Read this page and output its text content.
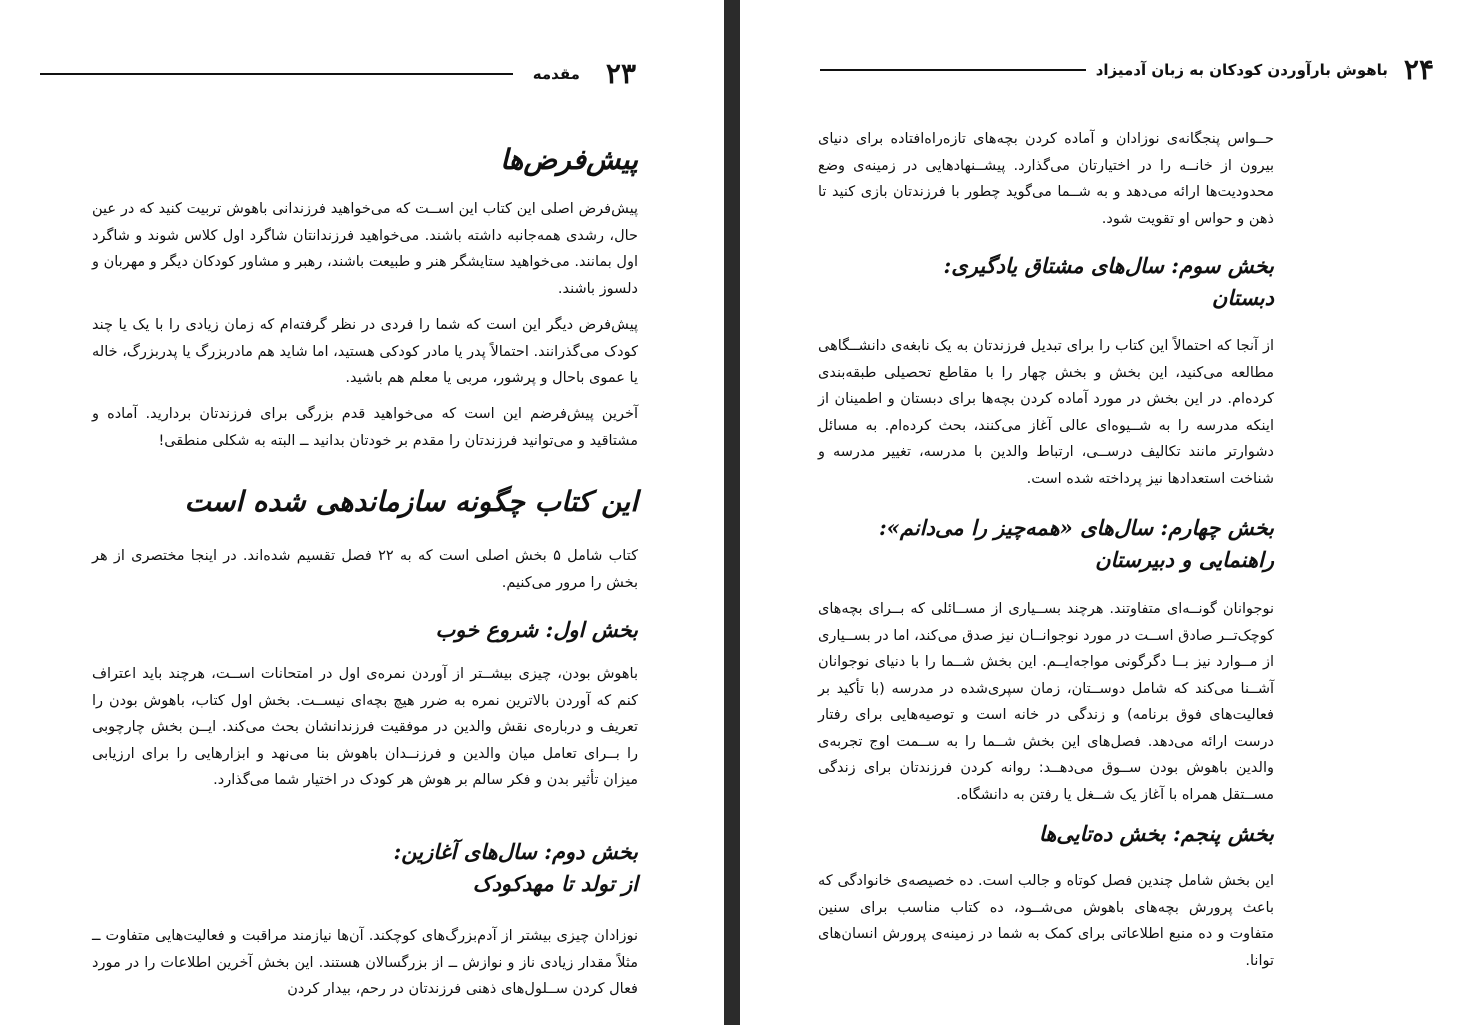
۲۳
مقدمه
پیش‌فرض‌ها

پیش‌فرض اصلی این کتاب این اســت که می‌خواهید فرزندانی باهوش تربیت کنید که در عین حال، رشدی همه‌جانبه داشته باشند. می‌خواهید فرزندانتان شاگرد اول کلاس شوند و شاگرد اول بمانند. می‌خواهید ستایشگر هنر و طبیعت باشند، رهبر و مشاور کودکان دیگر و مهربان و دلسوز باشند.

پیش‌فرض دیگر این است که شما را فردی در نظر گرفته‌ام که زمان زیادی را با یک یا چند کودک می‌گذرانند. احتمالاً پدر یا مادر کودکی هستید، اما شاید هم مادربزرگ یا پدربزرگ، خاله یا عموی باحال و پرشور، مربی یا معلم هم باشید.

آخرین پیش‌فرضم این است که می‌خواهید قدم بزرگی برای فرزندتان بردارید. آماده و مشتاقید و می‌توانید فرزندتان را مقدم بر خودتان بدانید ــ البته به شکلی منطقی!

این کتاب چگونه سازماندهی شده است

کتاب شامل ۵ بخش اصلی است که به ۲۲ فصل تقسیم شده‌اند. در اینجا مختصری از هر بخش را مرور می‌کنیم.

بخش اول: شروع خوب

باهوش بودن، چیزی بیشــتر از آوردن نمره‌ی اول در امتحانات اســت، هرچند باید اعتراف کنم که آوردن بالاترین نمره به ضرر هیچ بچه‌ای نیســت. بخش اول کتاب، باهوش بودن را تعریف و درباره‌ی نقش والدین در موفقیت فرزندانشان بحث می‌کند. ایــن بخش چارچوبی را بــرای تعامل میان والدین و فرزنــدان باهوش بنا می‌نهد و ابزارهایی را برای ارزیابی میزان تأثیر بدن و فکر سالم بر هوش هر کودک در اختیار شما می‌گذارد.

بخش دوم: سال‌های آغازین:
از تولد تا مهدکودک

نوزادان چیزی بیشتر از آدم‌بزرگ‌های کوچکند. آن‌ها نیازمند مراقبت و فعالیت‌هایی متفاوت ــ مثلاً مقدار زیادی ناز و نوازش ــ از بزرگسالان هستند. این بخش آخرین اطلاعات را در مورد فعال کردن ســلول‌های ذهنی فرزندتان در رحم، بیدار کردن

۲۴
باهوش بارآوردن کودکان به زبان آدمیزاد

حــواس پنجگانه‌ی نوزادان و آماده کردن بچه‌های تازه‌راه‌افتاده برای دنیای بیرون از خانــه را در اختیارتان می‌گذارد. پیشــنهادهایی در زمینه‌ی وضع محدودیت‌ها ارائه می‌دهد و به شــما می‌گوید چطور با فرزندتان بازی کنید تا ذهن و حواس او تقویت شود.

بخش سوم: سال‌های مشتاق یادگیری:
دبستان

از آنجا که احتمالاً این کتاب را برای تبدیل فرزندتان به یک نابغه‌ی دانشــگاهی مطالعه می‌کنید، این بخش و بخش چهار را با مقاطع تحصیلی طبقه‌بندی کرده‌ام. در این بخش در مورد آماده کردن بچه‌ها برای دبستان و اطمینان از اینکه مدرسه را به شــیوه‌ای عالی آغاز می‌کنند، بحث کرده‌ام. به مسائل دشوارتر مانند تکالیف درســی، ارتباط والدین با مدرسه، تغییر مدرسه و شناخت استعدادها نیز پرداخته شده است.

بخش چهارم: سال‌های «همه‌چیز را می‌دانم»:
راهنمایی و دبیرستان

نوجوانان گونــه‌ای متفاوتند. هرچند بســیاری از مســائلی که بــرای بچه‌های کوچک‌تــر صادق اســت در مورد نوجوانــان نیز صدق می‌کند، اما در بســیاری از مــوارد نیز بــا دگرگونی مواجه‌ایــم. این بخش شــما را با دنیای نوجوانان آشــنا می‌کند که شامل دوســتان، زمان سپری‌شده در مدرسه (با تأکید بر فعالیت‌های فوق برنامه) و زندگی در خانه است و توصیه‌هایی برای رفتار درست ارائه می‌دهد. فصل‌های این بخش شــما را به ســمت اوج تجربه‌ی والدین باهوش بودن ســوق می‌دهــد: روانه کردن فرزندتان برای زندگی مســتقل همراه با آغاز یک شــغل یا رفتن به دانشگاه.

بخش پنجم: بخش ده‌تایی‌ها

این بخش شامل چندین فصل کوتاه و جالب است. ده خصیصه‌ی خانوادگی که باعث پرورش بچه‌های باهوش می‌شــود، ده کتاب مناسب برای سنین متفاوت و ده منبع اطلاعاتی برای کمک به شما در زمینه‌ی پرورش انسان‌های توانا.
